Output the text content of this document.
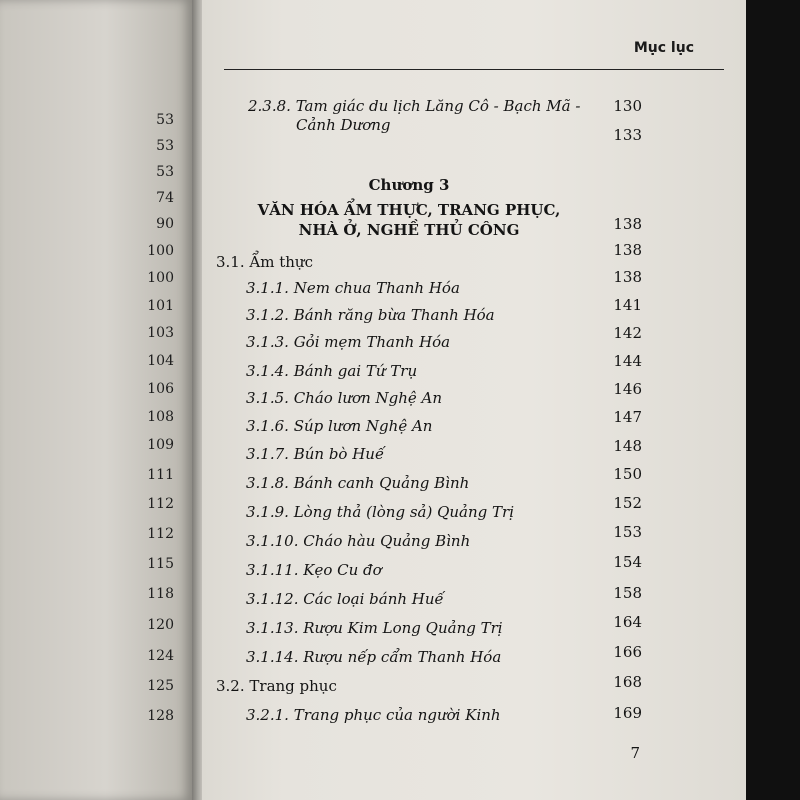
53
53
53
74
90
100
100
101
103
104
106
108
109
111
112
112
115
118
120
124
125
128
Mục lục
2.3.8. Tam giác du lịch Lăng Cô - Bạch Mã - 130
Cảnh Dương
133
Chương 3
VĂN HÓA ẨM THỰC, TRANG PHỤC,
NHÀ Ở, NGHỀ THỦ CÔNG	138
138
3.1. Ẩm thực
138
3.1.1. Nem chua Thanh Hóa
141
3.1.2. Bánh răng bừa Thanh Hóa
142
3.1.3. Gỏi mẹm Thanh Hóa
144
3.1.4. Bánh gai Tứ Trụ
146
3.1.5. Cháo lươn Nghệ An
147
3.1.6. Súp lươn Nghệ An
148
3.1.7. Bún bò Huế
150
3.1.8. Bánh canh Quảng Bình
152
3.1.9. Lòng thả (lòng sả) Quảng Trị
153
3.1.10. Cháo hàu Quảng Bình
154
3.1.11. Kẹo Cu đơ
158
3.1.12. Các loại bánh Huế
164
3.1.13. Rượu Kim Long Quảng Trị
166
3.1.14. Rượu nếp cẩm Thanh Hóa
168
3.2. Trang phục
169
3.2.1. Trang phục của người Kinh
7
